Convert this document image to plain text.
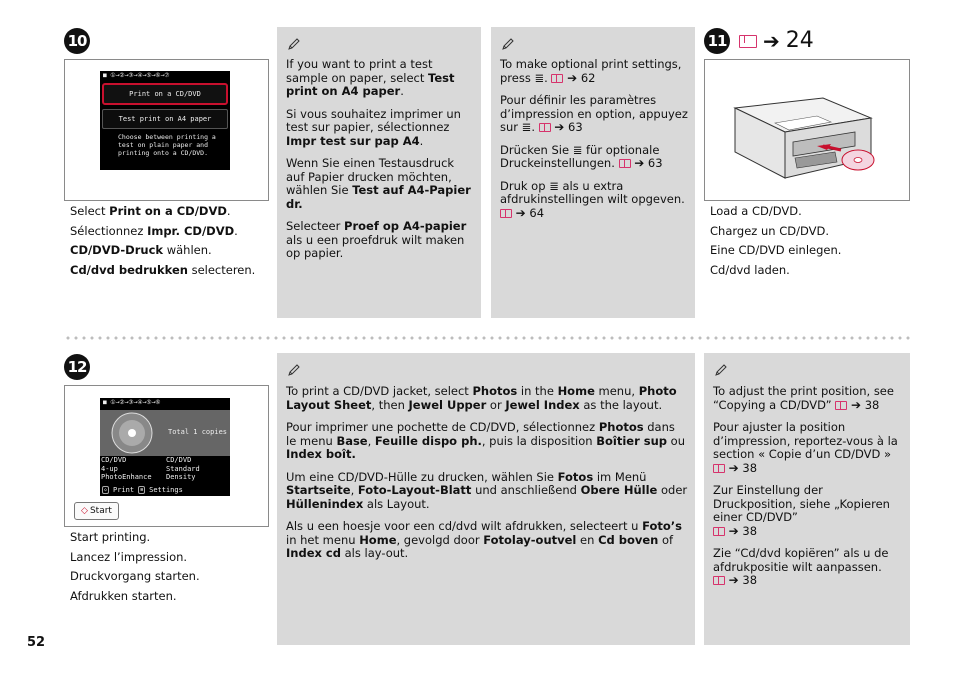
10
■ ①→②→③→④→⑤→⑥→⑦
Print on a CD/DVD
Test print on A4 paper
Choose between printing a test on plain paper and printing onto a CD/DVD.
Select Print on a CD/DVD.
Sélectionnez Impr. CD/DVD.
CD/DVD-Druck wählen.
Cd/dvd bedrukken selecteren.

If you want to print a test sample on paper, select Test print on A4 paper.

Si vous souhaitez imprimer un test sur papier, sélectionnez Impr test sur pap A4.

Wenn Sie einen Testausdruck auf Papier drucken möchten, wählen Sie Test auf A4-Papier dr.

Selecteer Proef op A4-papier als u een proefdruk wilt maken op papier.

To make optional print settings, press ≣. ➔ 62

Pour définir les paramètres d’impression en option, appuyez sur ≣. ➔ 63

Drücken Sie ≣ für optionale Druckeinstellungen. ➔ 63

Druk op ≣ als u extra afdrukinstellingen wilt opgeven.  ➔ 64

11 ➔ 24
Load a CD/DVD.
Chargez un CD/DVD.
Eine CD/DVD einlegen.
Cd/dvd laden.
12
■ ①→②→③→④→⑤→⑥
Total 1 copies
CD/DVD
4-up
PhotoEnhance
CD/DVD
Standard Density
◇ Print	≣ Settings
◇ Start
Start printing.
Lancez l’impression.
Druckvorgang starten.
Afdrukken starten.

To print a CD/DVD jacket, select Photos in the Home menu, Photo Layout Sheet, then Jewel Upper or Jewel Index as the layout.

Pour imprimer une pochette de CD/DVD, sélectionnez Photos dans le menu Base, Feuille dispo ph., puis la disposition Boîtier sup ou Index boît.

Um eine CD/DVD-Hülle zu drucken, wählen Sie Fotos im Menü Startseite, Foto-Layout-Blatt und anschließend Obere Hülle oder Hüllenindex als Layout.

Als u een hoesje voor een cd/dvd wilt afdrukken, selecteert u Foto’s in het menu Home, gevolgd door Fotolay-outvel en Cd boven of Index cd als lay-out.

To adjust the print position, see “Copying a CD/DVD” ➔ 38

Pour ajuster la position d’impression, reportez-vous à la section « Copie d’un CD/DVD »
➔ 38

Zur Einstellung der Druckposition, siehe „Kopieren einer CD/DVD”
➔ 38

Zie “Cd/dvd kopiëren” als u de afdrukpositie wilt aanpassen.
➔ 38

52
